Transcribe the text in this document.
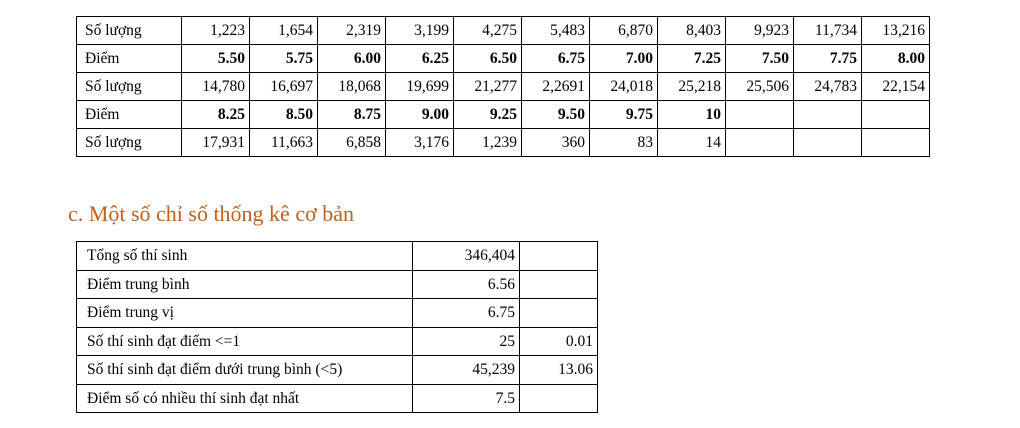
Số lượng	1,223	1,654	2,319	3,199	4,275	5,483	6,870	8,403	9,923	11,734	13,216
Điểm	5.50	5.75	6.00	6.25	6.50	6.75	7.00	7.25	7.50	7.75	8.00
Số lượng	14,780	16,697	18,068	19,699	21,277	2,2691	24,018	25,218	25,506	24,783	22,154
Điểm	8.25	8.50	8.75	9.00	9.25	9.50	9.75	10			
Số lượng	17,931	11,663	6,858	3,176	1,239	360	83	14			
c. Một số chỉ số thống kê cơ bản
Tổng số thí sinh	346,404	
Điểm trung bình	6.56	
Điểm trung vị	6.75	
Số thí sinh đạt điểm <=1	25	0.01
Số thí sinh đạt điểm dưới trung bình (<5)	45,239	13.06
Điểm số có nhiều thí sinh đạt nhất	7.5	
